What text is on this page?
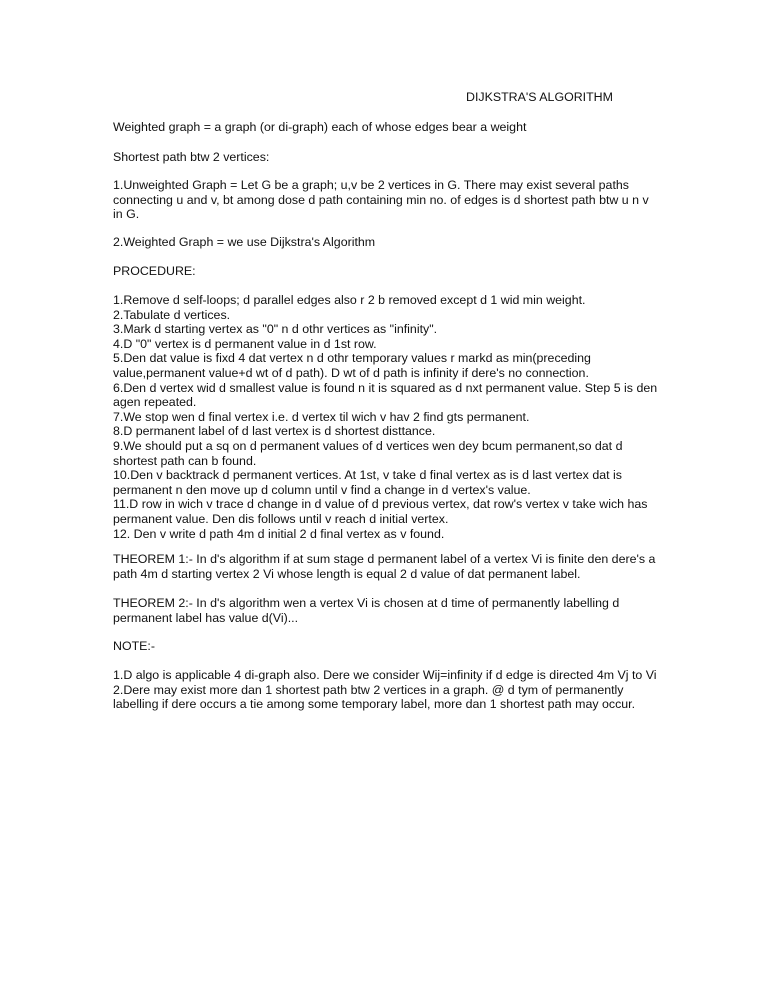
DIJKSTRA'S ALGORITHM

Weighted graph = a graph (or di-graph) each of whose edges bear a weight

Shortest path btw 2 vertices:

1.Unweighted Graph = Let G be a graph; u,v be 2 vertices in G. There may exist several paths
connecting u and v, bt among dose d path containing min no. of edges is d shortest path btw u n v
in G.

2.Weighted Graph = we use Dijkstra's Algorithm

PROCEDURE:

1.Remove d self-loops; d parallel edges also r 2 b removed except d 1 wid min weight.
2.Tabulate d vertices.
3.Mark d starting vertex as "0" n d othr vertices as "infinity".
4.D "0" vertex is d permanent value in d 1st row.
5.Den dat value is fixd 4 dat vertex n d othr temporary values r markd as min(preceding
value,permanent value+d wt of d path). D wt of d path is infinity if dere's no connection.
6.Den d vertex wid d smallest value is found n it is squared as d nxt permanent value. Step 5 is den
agen repeated.
7.We stop wen d final vertex i.e. d vertex til wich v hav 2 find gts permanent.
8.D permanent label of d last vertex is d shortest disttance.
9.We should put a sq on d permanent values of d vertices wen dey bcum permanent,so dat d
shortest path can b found.
10.Den v backtrack d permanent vertices. At 1st, v take d final vertex as is d last vertex dat is
permanent n den move up d column until v find a change in d vertex's value.
11.D row in wich v trace d change in d value of d previous vertex, dat row's vertex v take wich has
permanent value. Den dis follows until v reach d initial vertex.
12. Den v write d path 4m d initial 2 d final vertex as v found.

THEOREM 1:- In d's algorithm if at sum stage d permanent label of a vertex Vi is finite den dere's a
path 4m d starting vertex 2 Vi whose length is equal 2 d value of dat permanent label.

THEOREM 2:- In d's algorithm wen a vertex Vi is chosen at d time of permanently labelling d
permanent label has value d(Vi)...

NOTE:-

1.D algo is applicable 4 di-graph also. Dere we consider Wij=infinity if d edge is directed 4m Vj to Vi
2.Dere may exist more dan 1 shortest path btw 2 vertices in a graph. @ d tym of permanently
labelling if dere occurs a tie among some temporary label, more dan 1 shortest path may occur.
